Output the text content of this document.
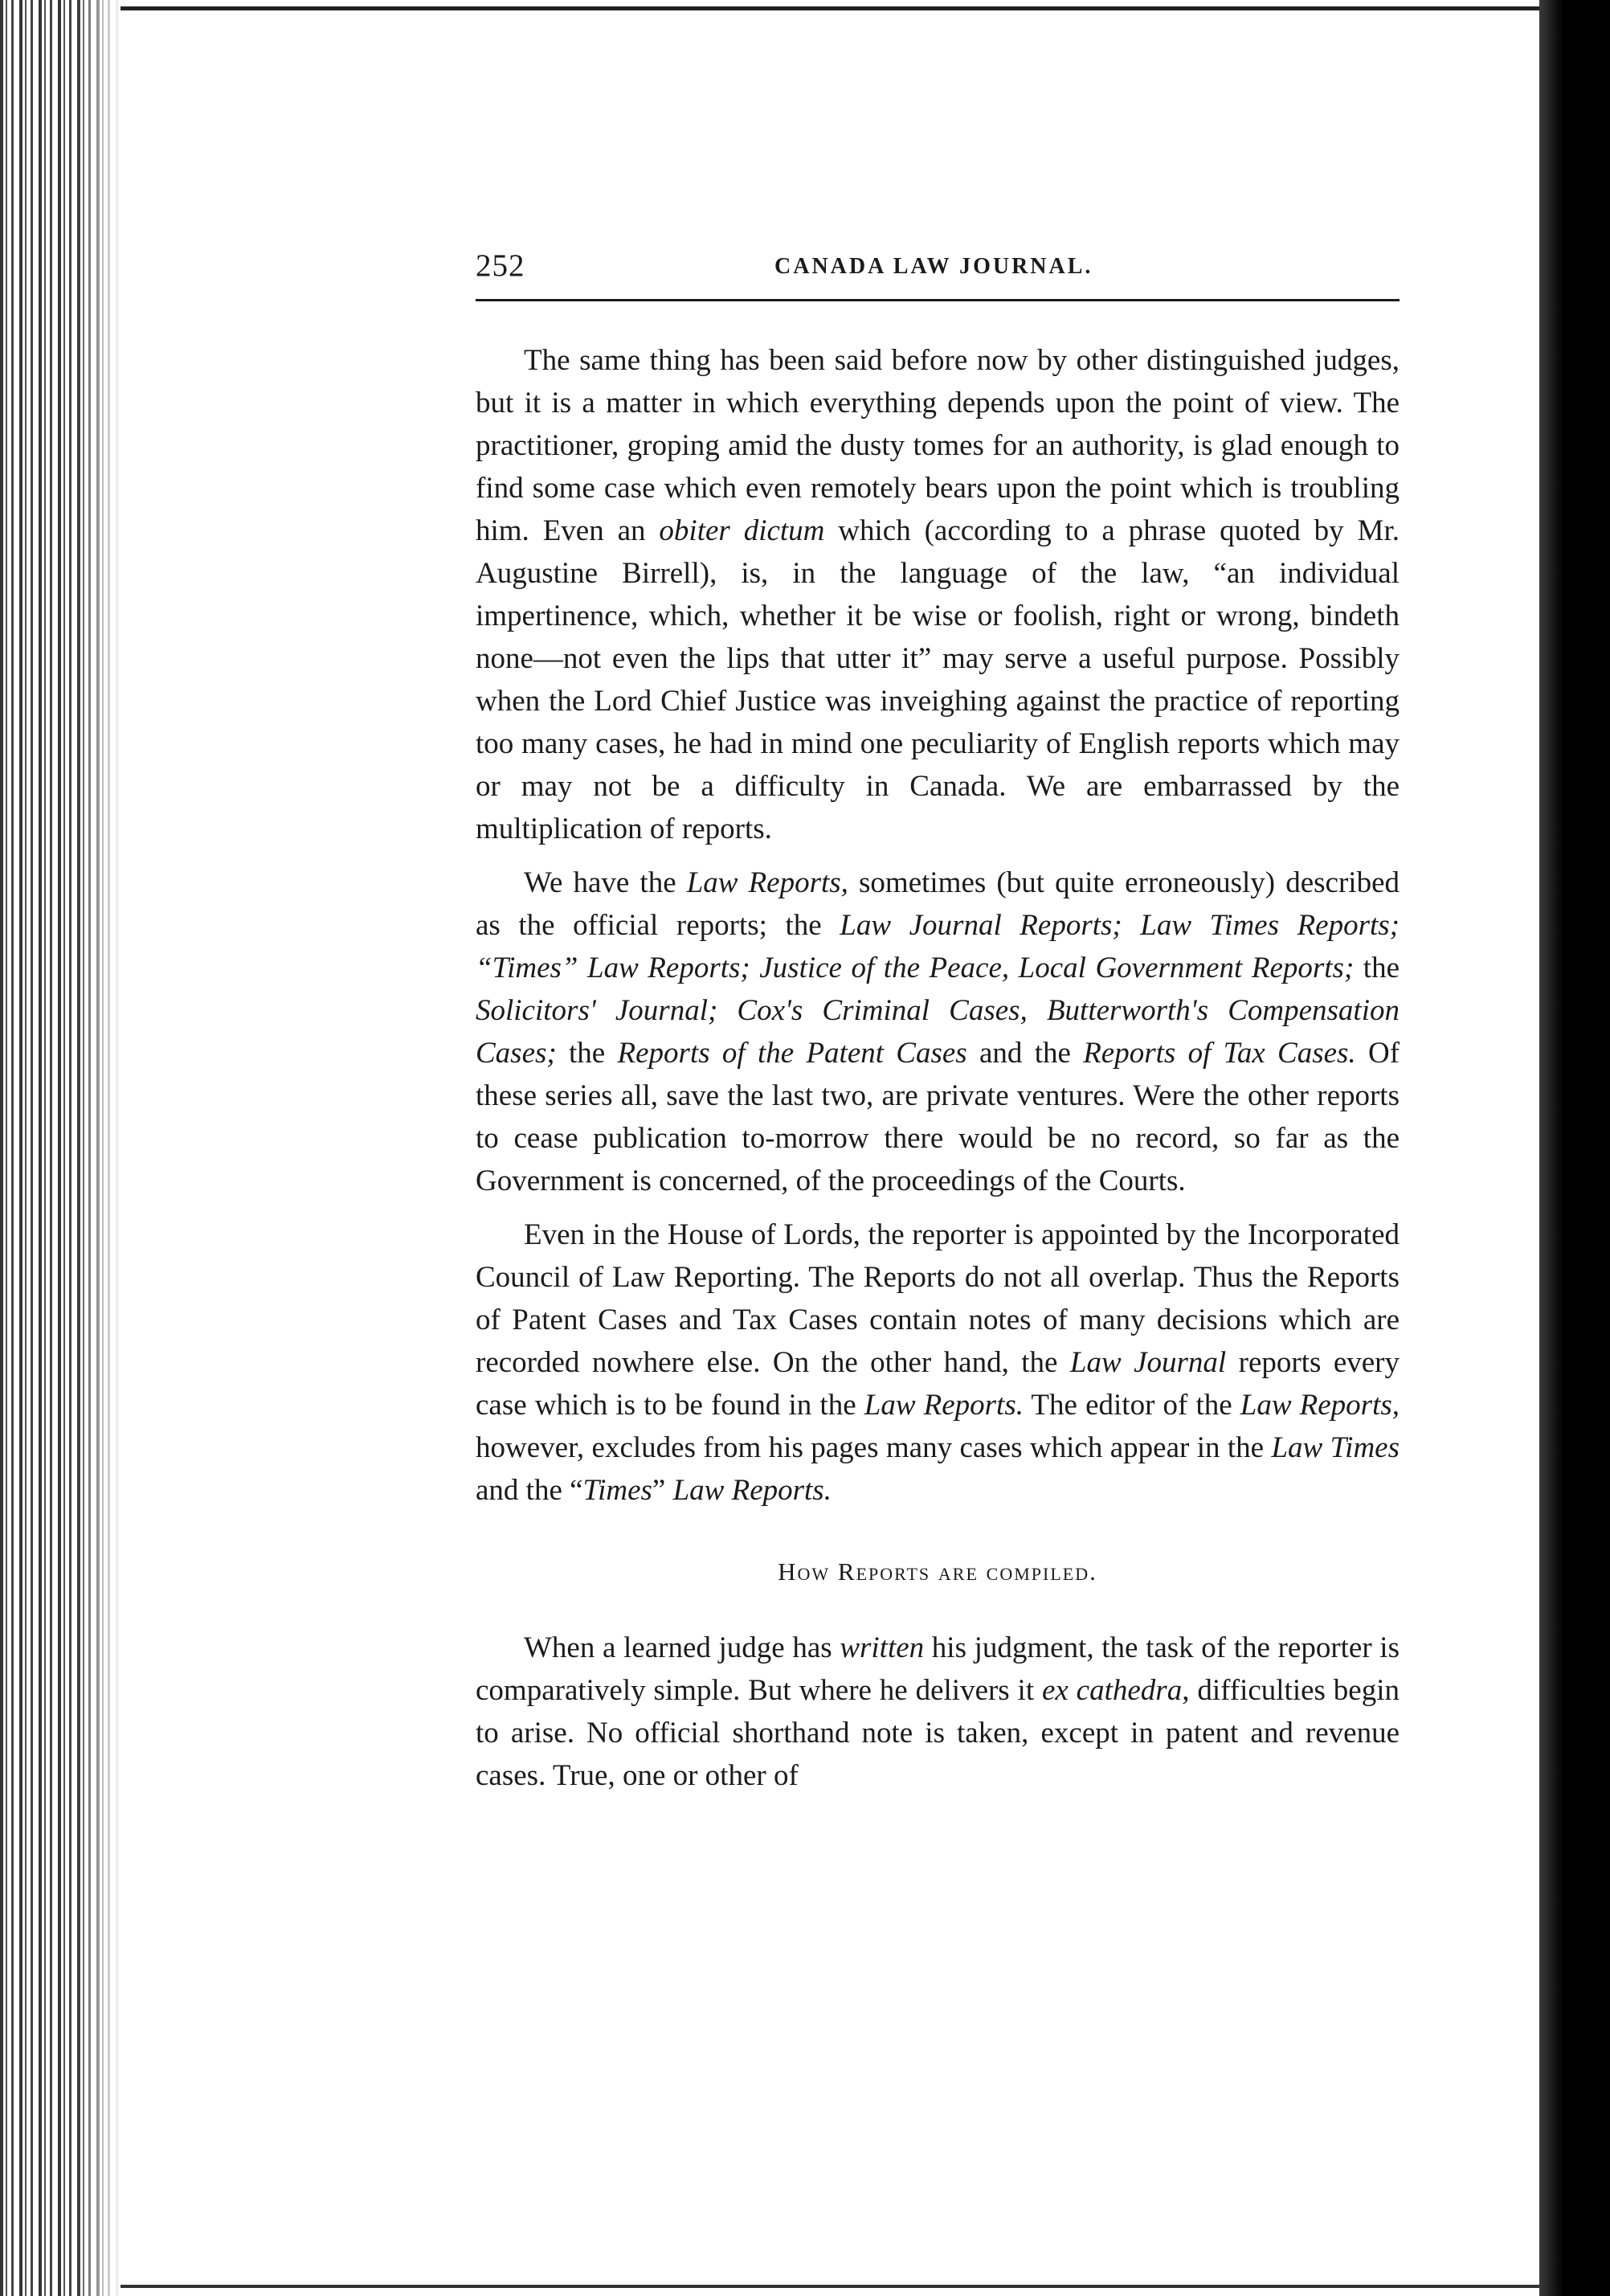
252	CANADA LAW JOURNAL.

The same thing has been said before now by other distinguished judges, but it is a matter in which everything depends upon the point of view. The practitioner, groping amid the dusty tomes for an authority, is glad enough to find some case which even remotely bears upon the point which is troubling him. Even an obiter dictum which (according to a phrase quoted by Mr. Augustine Birrell), is, in the language of the law, “an individual impertinence, which, whether it be wise or foolish, right or wrong, bindeth none—not even the lips that utter it” may serve a useful purpose. Possibly when the Lord Chief Justice was inveighing against the practice of reporting too many cases, he had in mind one peculiarity of English reports which may or may not be a difficulty in Canada. We are embarrassed by the multiplication of reports.

We have the Law Reports, sometimes (but quite erroneously) described as the official reports; the Law Journal Reports; Law Times Reports; “Times” Law Reports; Justice of the Peace, Local Government Reports; the Solicitors' Journal; Cox's Criminal Cases, Butterworth's Compensation Cases; the Reports of the Patent Cases and the Reports of Tax Cases. Of these series all, save the last two, are private ventures. Were the other reports to cease publication to-morrow there would be no record, so far as the Government is concerned, of the proceedings of the Courts.

Even in the House of Lords, the reporter is appointed by the Incorporated Council of Law Reporting. The Reports do not all overlap. Thus the Reports of Patent Cases and Tax Cases contain notes of many decisions which are recorded nowhere else. On the other hand, the Law Journal reports every case which is to be found in the Law Reports. The editor of the Law Reports, however, excludes from his pages many cases which appear in the Law Times and the “Times” Law Reports.

How Reports are compiled.

When a learned judge has written his judgment, the task of the reporter is comparatively simple. But where he delivers it ex cathedra, difficulties begin to arise. No official shorthand note is taken, except in patent and revenue cases. True, one or other of
